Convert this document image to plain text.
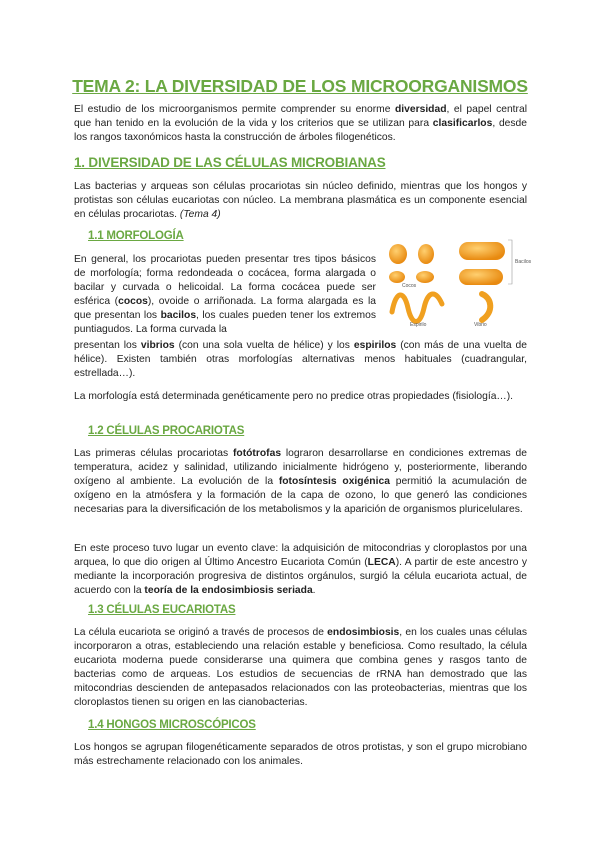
TEMA 2: LA DIVERSIDAD DE LOS MICROORGANISMOS

El estudio de los microorganismos permite comprender su enorme diversidad, el papel central que han tenido en la evolución de la vida y los criterios que se utilizan para clasificarlos, desde los rangos taxonómicos hasta la construcción de árboles filogenéticos.

1. DIVERSIDAD DE LAS CÉLULAS MICROBIANAS

Las bacterias y arqueas son células procariotas sin núcleo definido, mientras que los hongos y protistas son células eucariotas con núcleo. La membrana plasmática es un componente esencial en células procariotas. (Tema 4)

1.1 MORFOLOGÍA

En general, los procariotas pueden presentar tres tipos básicos de morfología; forma redondeada o cocácea, forma alargada o bacilar y curvada o helicoidal. La forma cocácea puede ser esférica (cocos), ovoide o arriñonada. La forma alargada es la que presentan los bacilos, los cuales pueden tener los extremos puntiagudos. La forma curvada la

presentan los vibrios (con una sola vuelta de hélice) y los espirilos (con más de una vuelta de hélice). Existen también otras morfologías alternativas menos habituales (cuadrangular, estrellada…).

La morfología está determinada genéticamente pero no predice otras propiedades (fisiología…).

Cocos
Bacilos
Espirilo	Vibrio
1.2 CÉLULAS PROCARIOTAS

Las primeras células procariotas fotótrofas lograron desarrollarse en condiciones extremas de temperatura, acidez y salinidad, utilizando inicialmente hidrógeno y, posteriormente, liberando oxígeno al ambiente. La evolución de la fotosíntesis oxigénica permitió la acumulación de oxígeno en la atmósfera y la formación de la capa de ozono, lo que generó las condiciones necesarias para la diversificación de los metabolismos y la aparición de organismos pluricelulares.

En este proceso tuvo lugar un evento clave: la adquisición de mitocondrias y cloroplastos por una arquea, lo que dio origen al Último Ancestro Eucariota Común (LECA). A partir de este ancestro y mediante la incorporación progresiva de distintos orgánulos, surgió la célula eucariota actual, de acuerdo con la teoría de la endosimbiosis seriada.

1.3 CÉLULAS EUCARIOTAS

La célula eucariota se originó a través de procesos de endosimbiosis, en los cuales unas células incorporaron a otras, estableciendo una relación estable y beneficiosa. Como resultado, la célula eucariota moderna puede considerarse una quimera que combina genes y rasgos tanto de bacterias como de arqueas. Los estudios de secuencias de rRNA han demostrado que las mitocondrias descienden de antepasados relacionados con las proteobacterias, mientras que los cloroplastos tienen su origen en las cianobacterias.

1.4 HONGOS MICROSCÓPICOS

Los hongos se agrupan filogenéticamente separados de otros protistas, y son el grupo microbiano más estrechamente relacionado con los animales.
